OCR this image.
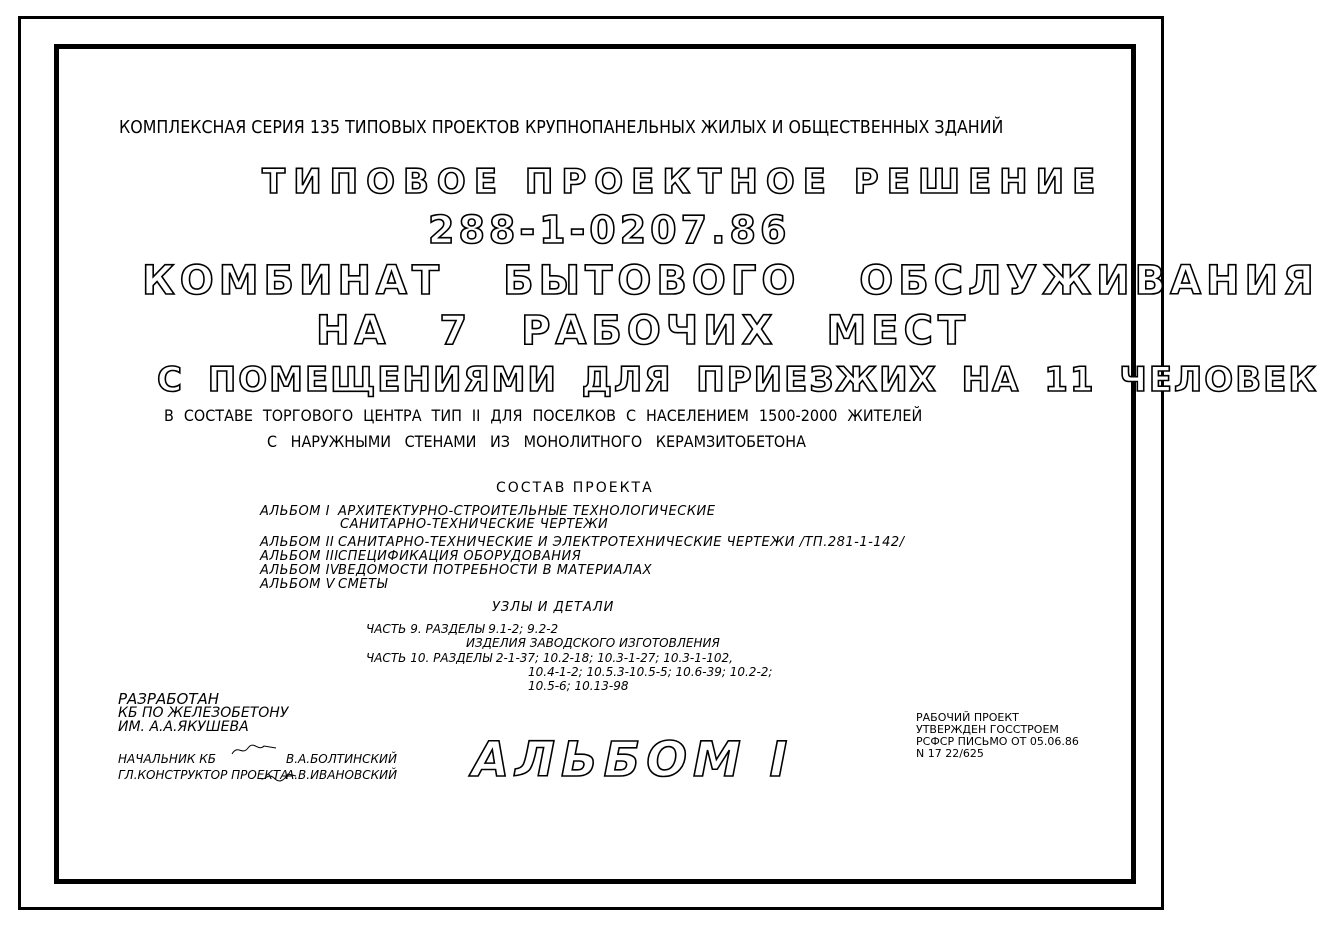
КОМПЛЕКСНАЯ СЕРИЯ 135 ТИПОВЫХ ПРОЕКТОВ КРУПНОПАНЕЛЬНЫХ ЖИЛЫХ И ОБЩЕСТВЕННЫХ ЗДАНИЙ
ТИПОВОЕ ПРОЕКТНОЕ РЕШЕНИЕ
288-1-0207.86
КОМБИНАТ БЫТОВОГО ОБСЛУЖИВАНИЯ
НА 7 РАБОЧИХ МЕСТ
С ПОМЕЩЕНИЯМИ ДЛЯ ПРИЕЗЖИХ НА 11 ЧЕЛОВЕК
В СОСТАВЕ ТОРГОВОГО ЦЕНТРА ТИП II ДЛЯ ПОСЕЛКОВ С НАСЕЛЕНИЕМ 1500-2000 ЖИТЕЛЕЙ
С НАРУЖНЫМИ СТЕНАМИ ИЗ МОНОЛИТНОГО КЕРАМЗИТОБЕТОНА
СОСТАВ ПРОЕКТА
АЛЬБОМ I АРХИТЕКТУРНО-СТРОИТЕЛЬНЫЕ ТЕХНОЛОГИЧЕСКИЕ
САНИТАРНО-ТЕХНИЧЕСКИЕ ЧЕРТЕЖИ
АЛЬБОМ II САНИТАРНО-ТЕХНИЧЕСКИЕ И ЭЛЕКТРОТЕХНИЧЕСКИЕ ЧЕРТЕЖИ /ТП.281-1-142/
АЛЬБОМ IIIСПЕЦИФИКАЦИЯ ОБОРУДОВАНИЯ
АЛЬБОМ IVВЕДОМОСТИ ПОТРЕБНОСТИ В МАТЕРИАЛАХ
АЛЬБОМ V СМЕТЫ
УЗЛЫ И ДЕТАЛИ
ЧАСТЬ 9. РАЗДЕЛЫ 9.1-2; 9.2-2
ИЗДЕЛИЯ ЗАВОДСКОГО ИЗГОТОВЛЕНИЯ
ЧАСТЬ 10. РАЗДЕЛЫ 2-1-37; 10.2-18; 10.3-1-27; 10.3-1-102,
10.4-1-2; 10.5.3-10.5-5; 10.6-39; 10.2-2;
10.5-6; 10.13-98
РАЗРАБОТАН
КБ ПО ЖЕЛЕЗОБЕТОНУ
ИМ. А.А.ЯКУШЕВА
НАЧАЛЬНИК КБ
ГЛ.КОНСТРУКТОР ПРОЕКТА
В.А.БОЛТИНСКИЙ
А.В.ИВАНОВСКИЙ АЛЬБОМ I
РАБОЧИЙ ПРОЕКТ
УТВЕРЖДЕН ГОССТРОЕМ
РСФСР ПИСЬМО ОТ 05.06.86
N 17 22/625
